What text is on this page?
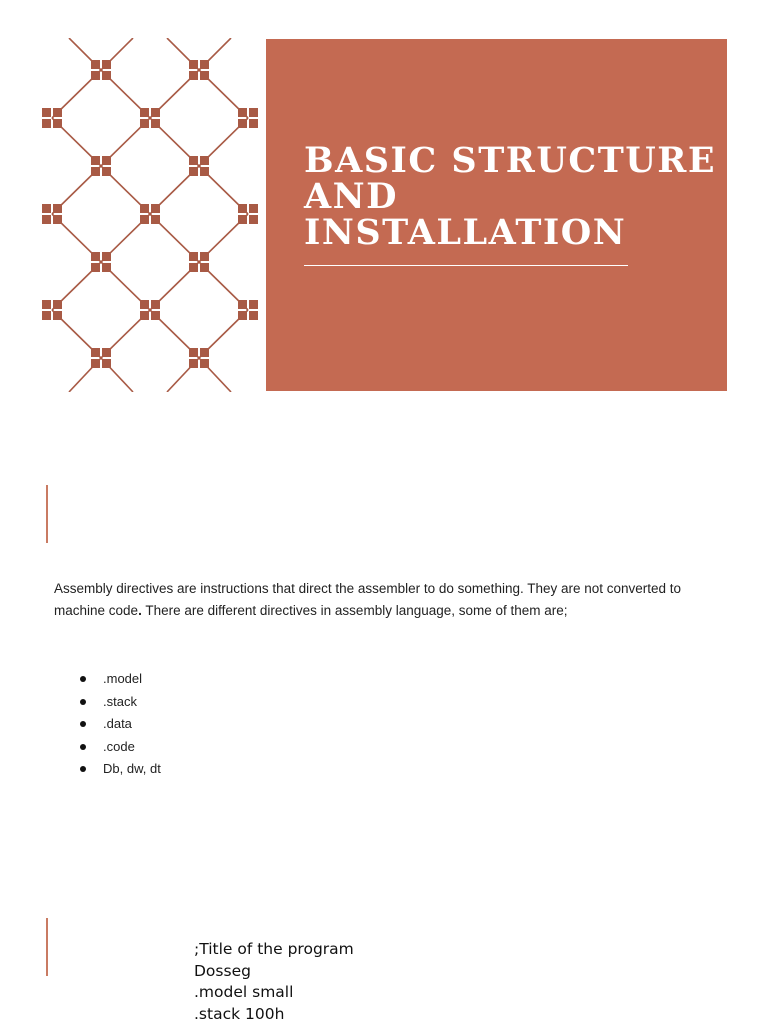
BASIC STRUCTURE
AND
INSTALLATION

Assembly directives are instructions that direct the assembler to do something. They are not converted to machine code. There are different directives in assembly language, some of them are;

.model
.stack
.data
.code
Db, dw, dt
;Title of the program
Dosseg
.model small
.stack 100h
